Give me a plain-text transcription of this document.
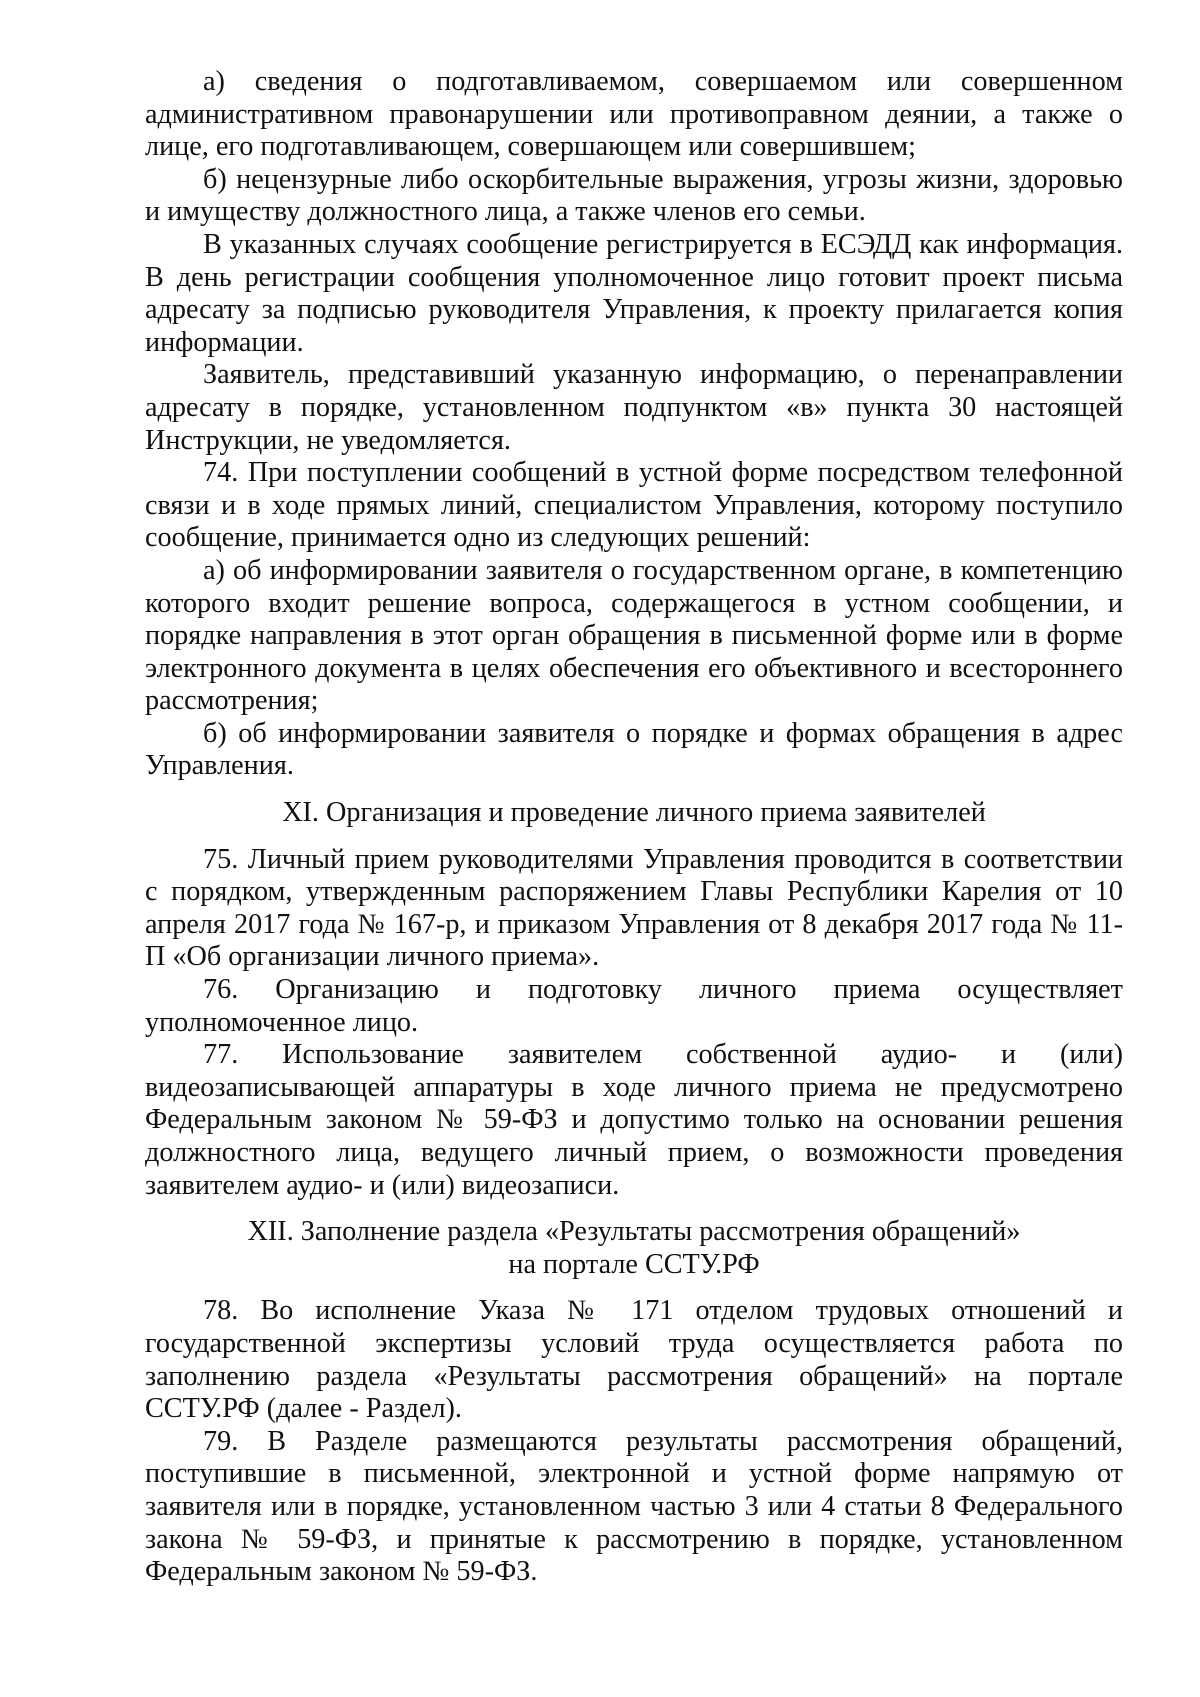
а) сведения о подготавливаемом, совершаемом или совершенном административном правонарушении или противоправном деянии, а также о лице, его подготавливающем, совершающем или совершившем;

б) нецензурные либо оскорбительные выражения, угрозы жизни, здоровью и имуществу должностного лица, а также членов его семьи.

В указанных случаях сообщение регистрируется в ЕСЭДД как информация. В день регистрации сообщения уполномоченное лицо готовит проект письма адресату за подписью руководителя Управления, к проекту прилагается копия информации.

Заявитель, представивший указанную информацию, о перенаправлении адресату в порядке, установленном подпунктом «в» пункта 30 настоящей Инструкции, не уведомляется.

74. При поступлении сообщений в устной форме посредством телефонной связи и в ходе прямых линий, специалистом Управления, которому поступило сообщение, принимается одно из следующих решений:

а) об информировании заявителя о государственном органе, в компетенцию которого входит решение вопроса, содержащегося в устном сообщении, и порядке направления в этот орган обращения в письменной форме или в форме электронного документа в целях обеспечения его объективного и всестороннего рассмотрения;

б) об информировании заявителя о порядке и формах обращения в адрес Управления.

XI. Организация и проведение личного приема заявителей

75. Личный прием руководителями Управления проводится в соответствии с порядком, утвержденным распоряжением Главы Республики Карелия от 10 апреля 2017 года № 167-р, и приказом Управления от 8 декабря 2017 года № 11-П «Об организации личного приема».

76. Организацию и подготовку личного приема осуществляет уполномоченное лицо.

77. Использование заявителем собственной аудио- и (или) видеозаписывающей аппаратуры в ходе личного приема не предусмотрено Федеральным законом № 59-ФЗ и допустимо только на основании решения должностного лица, ведущего личный прием, о возможности проведения заявителем аудио- и (или) видеозаписи.

XII. Заполнение раздела «Результаты рассмотрения обращений»
на портале ССТУ.РФ

78. Во исполнение Указа № 171 отделом трудовых отношений и государственной экспертизы условий труда осуществляется работа по заполнению раздела «Результаты рассмотрения обращений» на портале ССТУ.РФ (далее - Раздел).

79. В Разделе размещаются результаты рассмотрения обращений, поступившие в письменной, электронной и устной форме напрямую от заявителя или в порядке, установленном частью 3 или 4 статьи 8 Федерального закона № 59-ФЗ, и принятые к рассмотрению в порядке, установленном Федеральным законом № 59-ФЗ.
